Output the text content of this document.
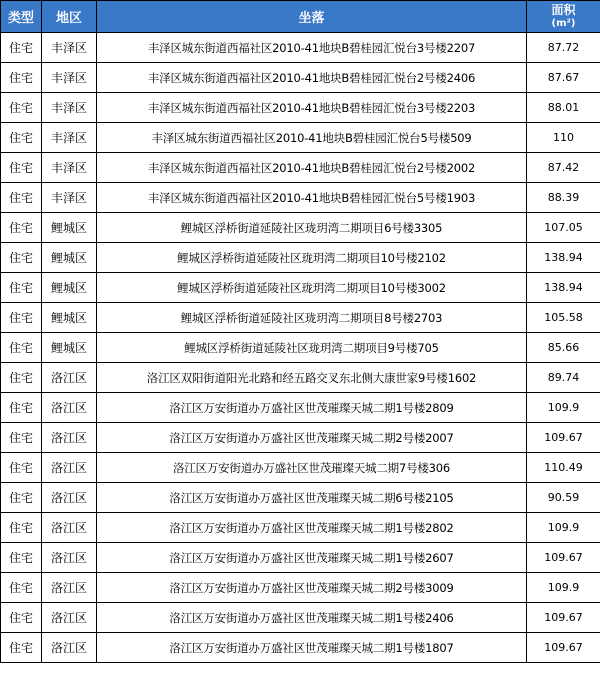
类型	地区	坐落	面积
(m²)

住宅	丰泽区	丰泽区城东街道西福社区2010-41地块B碧桂园汇悦台3号楼2207	87.72
住宅	丰泽区	丰泽区城东街道西福社区2010-41地块B碧桂园汇悦台2号楼2406	87.67
住宅	丰泽区	丰泽区城东街道西福社区2010-41地块B碧桂园汇悦台3号楼2203	88.01
住宅	丰泽区	丰泽区城东街道西福社区2010-41地块B碧桂园汇悦台5号楼509	110
住宅	丰泽区	丰泽区城东街道西福社区2010-41地块B碧桂园汇悦台2号楼2002	87.42
住宅	丰泽区	丰泽区城东街道西福社区2010-41地块B碧桂园汇悦台5号楼1903	88.39
住宅	鲤城区	鲤城区浮桥街道延陵社区珑玥湾二期项目6号楼3305	107.05
住宅	鲤城区	鲤城区浮桥街道延陵社区珑玥湾二期项目10号楼2102	138.94
住宅	鲤城区	鲤城区浮桥街道延陵社区珑玥湾二期项目10号楼3002	138.94
住宅	鲤城区	鲤城区浮桥街道延陵社区珑玥湾二期项目8号楼2703	105.58
住宅	鲤城区	鲤城区浮桥街道延陵社区珑玥湾二期项目9号楼705	85.66
住宅	洛江区	洛江区双阳街道阳光北路和经五路交叉东北侧大康世家9号楼1602	89.74
住宅	洛江区	洛江区万安街道办万盛社区世茂璀璨天城二期1号楼2809	109.9
住宅	洛江区	洛江区万安街道办万盛社区世茂璀璨天城二期2号楼2007	109.67
住宅	洛江区	洛江区万安街道办万盛社区世茂璀璨天城二期7号楼306	110.49
住宅	洛江区	洛江区万安街道办万盛社区世茂璀璨天城二期6号楼2105	90.59
住宅	洛江区	洛江区万安街道办万盛社区世茂璀璨天城二期1号楼2802	109.9
住宅	洛江区	洛江区万安街道办万盛社区世茂璀璨天城二期1号楼2607	109.67
住宅	洛江区	洛江区万安街道办万盛社区世茂璀璨天城二期2号楼3009	109.9
住宅	洛江区	洛江区万安街道办万盛社区世茂璀璨天城二期1号楼2406	109.67
住宅	洛江区	洛江区万安街道办万盛社区世茂璀璨天城二期1号楼1807	109.67
